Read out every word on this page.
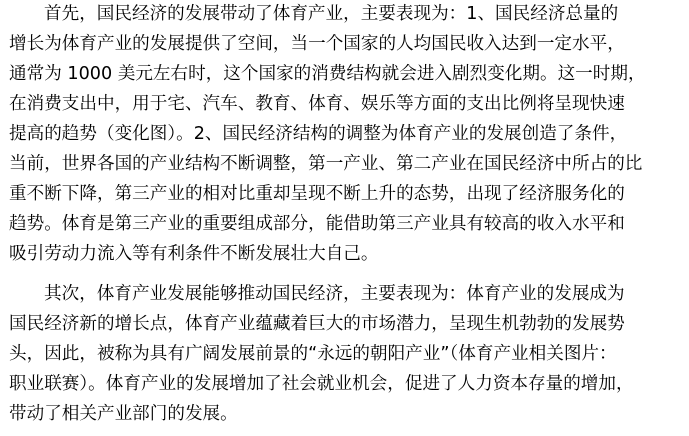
首先，国民经济的发展带动了体育产业，主要表现为：1、国民经济总量的
增长为体育产业的发展提供了空间，当一个国家的人均国民收入达到一定水平，
通常为 1000 美元左右时，这个国家的消费结构就会进入剧烈变化期。这一时期，
在消费支出中，用于宅、汽车、教育、体育、娱乐等方面的支出比例将呈现快速
提高的趋势（变化图）。2、国民经济结构的调整为体育产业的发展创造了条件，
当前，世界各国的产业结构不断调整，第一产业、第二产业在国民经济中所占的比
重不断下降，第三产业的相对比重却呈现不断上升的态势，出现了经济服务化的
趋势。体育是第三产业的重要组成部分，能借助第三产业具有较高的收入水平和
吸引劳动力流入等有利条件不断发展壮大自己。
其次，体育产业发展能够推动国民经济，主要表现为：体育产业的发展成为
国民经济新的增长点，体育产业蕴藏着巨大的市场潜力，呈现生机勃勃的发展势
头，因此，被称为具有广阔发展前景的“永远的朝阳产业”（体育产业相关图片：
职业联赛）。体育产业的发展增加了社会就业机会，促进了人力资本存量的增加，
带动了相关产业部门的发展。
